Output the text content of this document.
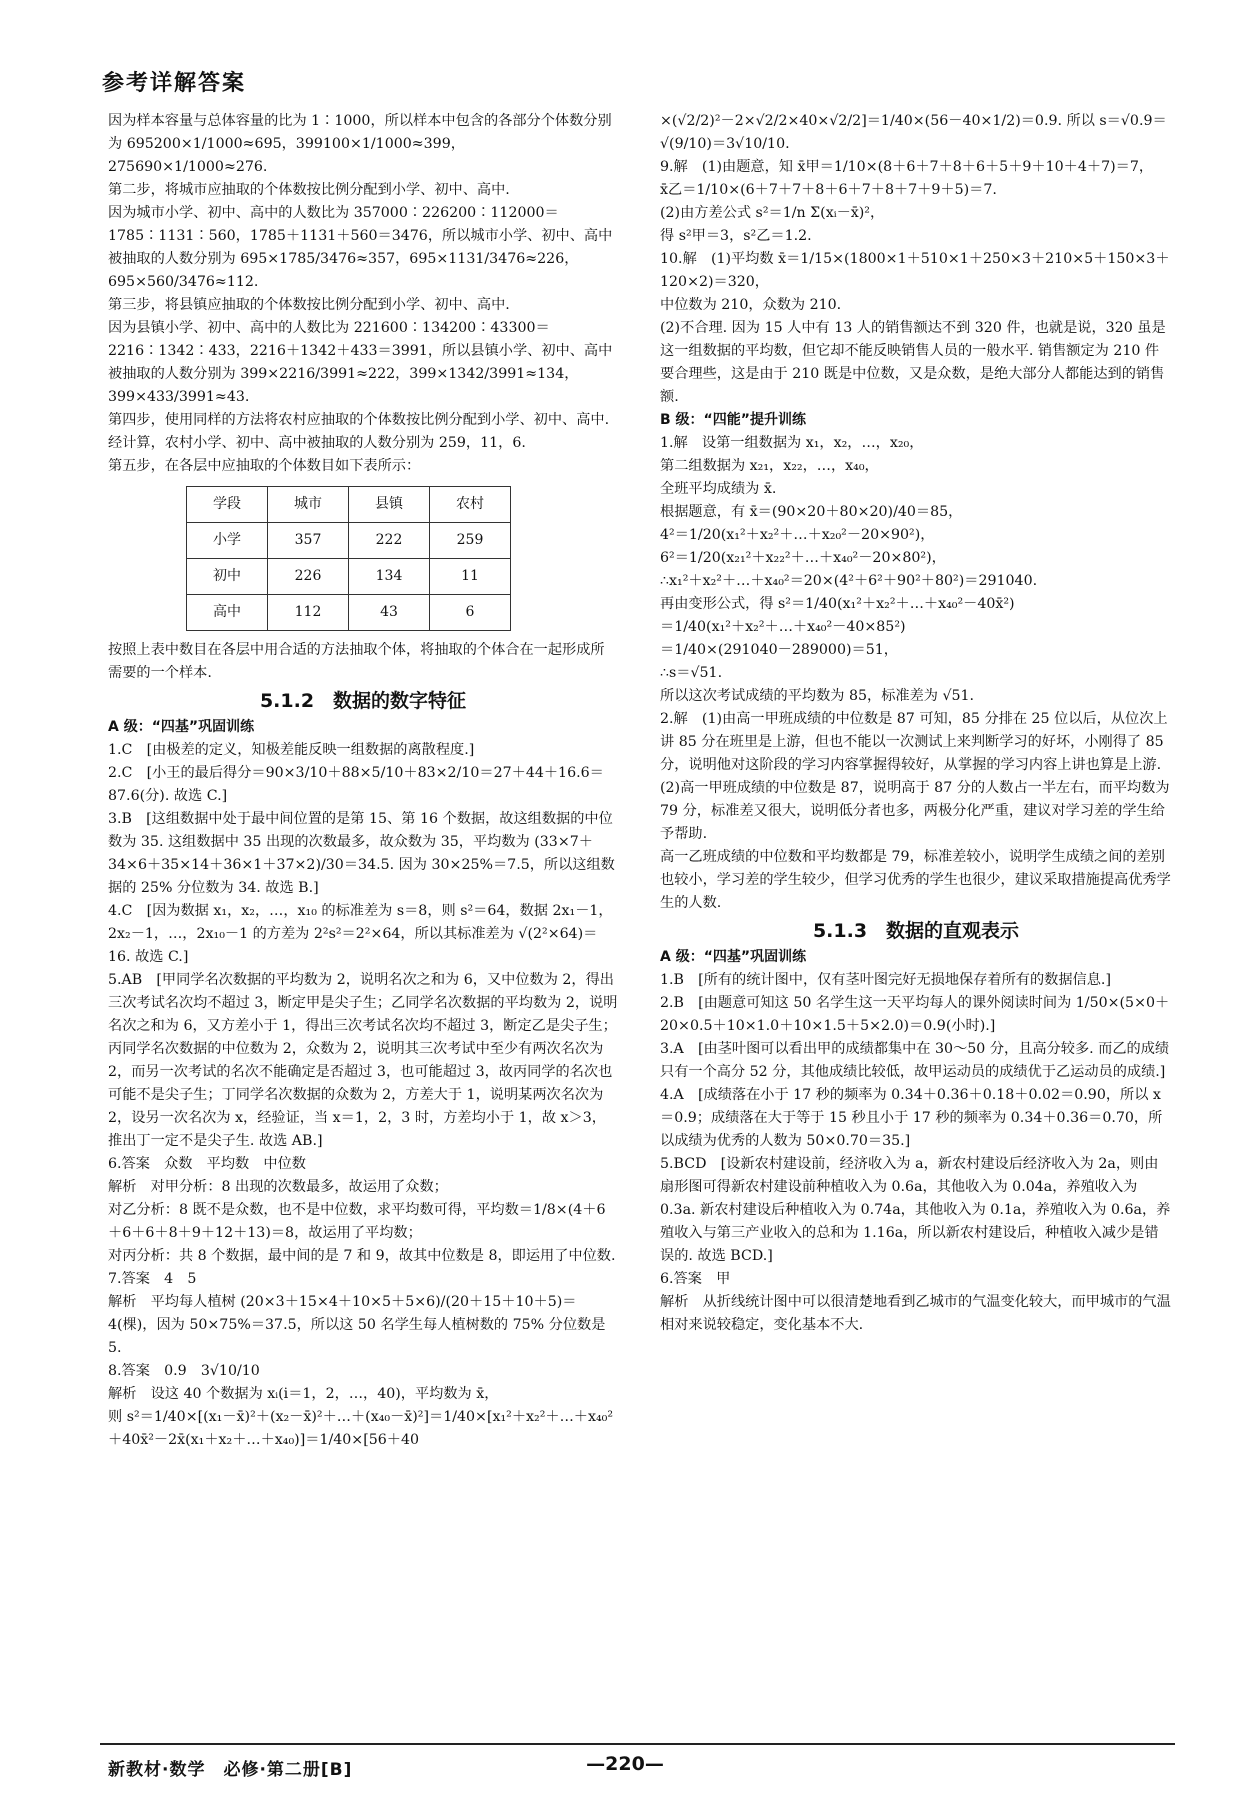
参考详解答案

因为样本容量与总体容量的比为 1∶1000，所以样本中包含的各部分个体数分别为 695200×1/1000≈695，399100×1/1000≈399，275690×1/1000≈276.

第二步，将城市应抽取的个体数按比例分配到小学、初中、高中.

因为城市小学、初中、高中的人数比为 357000∶226200∶112000＝1785∶1131∶560，1785＋1131＋560＝3476，所以城市小学、初中、高中被抽取的人数分别为 695×1785/3476≈357，695×1131/3476≈226，695×560/3476≈112.

第三步，将县镇应抽取的个体数按比例分配到小学、初中、高中.

因为县镇小学、初中、高中的人数比为 221600∶134200∶43300＝2216∶1342∶433，2216＋1342＋433＝3991，所以县镇小学、初中、高中被抽取的人数分别为 399×2216/3991≈222，399×1342/3991≈134，399×433/3991≈43.

第四步，使用同样的方法将农村应抽取的个体数按比例分配到小学、初中、高中. 经计算，农村小学、初中、高中被抽取的人数分别为 259，11，6.

第五步，在各层中应抽取的个体数目如下表所示：

学段	城市	县镇	农村
小学	357	222	259
初中	226	134	11
高中	112	43	6

按照上表中数目在各层中用合适的方法抽取个体，将抽取的个体合在一起形成所需要的一个样本.

5.1.2　数据的数字特征
A 级：“四基”巩固训练

1.C　[由极差的定义，知极差能反映一组数据的离散程度.]

2.C　[小王的最后得分＝90×3/10＋88×5/10＋83×2/10＝27＋44＋16.6＝87.6(分). 故选 C.]

3.B　[这组数据中处于最中间位置的是第 15、第 16 个数据，故这组数据的中位数为 35. 这组数据中 35 出现的次数最多，故众数为 35，平均数为 (33×7＋34×6＋35×14＋36×1＋37×2)/30＝34.5. 因为 30×25%＝7.5，所以这组数据的 25% 分位数为 34. 故选 B.]

4.C　[因为数据 x₁，x₂，…，x₁₀ 的标准差为 s＝8，则 s²＝64，数据 2x₁－1，2x₂－1，…，2x₁₀－1 的方差为 2²s²＝2²×64，所以其标准差为 √(2²×64)＝16. 故选 C.]

5.AB　[甲同学名次数据的平均数为 2，说明名次之和为 6，又中位数为 2，得出三次考试名次均不超过 3，断定甲是尖子生；乙同学名次数据的平均数为 2，说明名次之和为 6，又方差小于 1，得出三次考试名次均不超过 3，断定乙是尖子生；丙同学名次数据的中位数为 2，众数为 2，说明其三次考试中至少有两次名次为 2，而另一次考试的名次不能确定是否超过 3，也可能超过 3，故丙同学的名次也可能不是尖子生；丁同学名次数据的众数为 2，方差大于 1，说明某两次名次为 2，设另一次名次为 x，经验证，当 x＝1，2，3 时，方差均小于 1，故 x＞3，推出丁一定不是尖子生. 故选 AB.]

6.答案　众数　平均数　中位数

解析　对甲分析：8 出现的次数最多，故运用了众数；

对乙分析：8 既不是众数，也不是中位数，求平均数可得，平均数＝1/8×(4＋6＋6＋6＋8＋9＋12＋13)＝8，故运用了平均数；

对丙分析：共 8 个数据，最中间的是 7 和 9，故其中位数是 8，即运用了中位数.

7.答案　4　5

解析　平均每人植树 (20×3＋15×4＋10×5＋5×6)/(20＋15＋10＋5)＝4(棵)，因为 50×75%＝37.5，所以这 50 名学生每人植树数的 75% 分位数是 5.

8.答案　0.9　3√10/10

解析　设这 40 个数据为 xᵢ(i＝1，2，…，40)，平均数为 x̄，

则 s²＝1/40×[(x₁－x̄)²＋(x₂－x̄)²＋…＋(x₄₀－x̄)²]＝1/40×[x₁²＋x₂²＋…＋x₄₀²＋40x̄²－2x̄(x₁＋x₂＋…＋x₄₀)]＝1/40×[56＋40

×(√2/2)²－2×√2/2×40×√2/2]＝1/40×(56－40×1/2)＝0.9. 所以 s＝√0.9＝√(9/10)＝3√10/10.

9.解　(1)由题意，知 x̄甲＝1/10×(8＋6＋7＋8＋6＋5＋9＋10＋4＋7)＝7，

x̄乙＝1/10×(6＋7＋7＋8＋6＋7＋8＋7＋9＋5)＝7.

(2)由方差公式 s²＝1/n Σ(xᵢ－x̄)²，

得 s²甲＝3，s²乙＝1.2.

10.解　(1)平均数 x̄＝1/15×(1800×1＋510×1＋250×3＋210×5＋150×3＋120×2)＝320，

中位数为 210，众数为 210.

(2)不合理. 因为 15 人中有 13 人的销售额达不到 320 件，也就是说，320 虽是这一组数据的平均数，但它却不能反映销售人员的一般水平. 销售额定为 210 件要合理些，这是由于 210 既是中位数，又是众数，是绝大部分人都能达到的销售额.

B 级：“四能”提升训练

1.解　设第一组数据为 x₁，x₂，…，x₂₀，

第二组数据为 x₂₁，x₂₂，…，x₄₀，

全班平均成绩为 x̄.

根据题意，有 x̄＝(90×20＋80×20)/40＝85，

4²＝1/20(x₁²＋x₂²＋…＋x₂₀²－20×90²)，

6²＝1/20(x₂₁²＋x₂₂²＋…＋x₄₀²－20×80²)，

∴x₁²＋x₂²＋…＋x₄₀²＝20×(4²＋6²＋90²＋80²)＝291040.

再由变形公式，得 s²＝1/40(x₁²＋x₂²＋…＋x₄₀²－40x̄²)

＝1/40(x₁²＋x₂²＋…＋x₄₀²－40×85²)

＝1/40×(291040－289000)＝51，

∴s＝√51.

所以这次考试成绩的平均数为 85，标准差为 √51.

2.解　(1)由高一甲班成绩的中位数是 87 可知，85 分排在 25 位以后，从位次上讲 85 分在班里是上游，但也不能以一次测试上来判断学习的好坏，小刚得了 85 分，说明他对这阶段的学习内容掌握得较好，从掌握的学习内容上讲也算是上游.

(2)高一甲班成绩的中位数是 87，说明高于 87 分的人数占一半左右，而平均数为 79 分，标准差又很大，说明低分者也多，两极分化严重，建议对学习差的学生给予帮助.

高一乙班成绩的中位数和平均数都是 79，标准差较小，说明学生成绩之间的差别也较小，学习差的学生较少，但学习优秀的学生也很少，建议采取措施提高优秀学生的人数.

5.1.3　数据的直观表示
A 级：“四基”巩固训练

1.B　[所有的统计图中，仅有茎叶图完好无损地保存着所有的数据信息.]

2.B　[由题意可知这 50 名学生这一天平均每人的课外阅读时间为 1/50×(5×0＋20×0.5＋10×1.0＋10×1.5＋5×2.0)＝0.9(小时).]

3.A　[由茎叶图可以看出甲的成绩都集中在 30～50 分，且高分较多. 而乙的成绩只有一个高分 52 分，其他成绩比较低，故甲运动员的成绩优于乙运动员的成绩.]

4.A　[成绩落在小于 17 秒的频率为 0.34＋0.36＋0.18＋0.02＝0.90，所以 x＝0.9；成绩落在大于等于 15 秒且小于 17 秒的频率为 0.34＋0.36＝0.70，所以成绩为优秀的人数为 50×0.70＝35.]

5.BCD　[设新农村建设前，经济收入为 a，新农村建设后经济收入为 2a，则由扇形图可得新农村建设前种植收入为 0.6a，其他收入为 0.04a，养殖收入为 0.3a. 新农村建设后种植收入为 0.74a，其他收入为 0.1a，养殖收入为 0.6a，养殖收入与第三产业收入的总和为 1.16a，所以新农村建设后，种植收入减少是错误的. 故选 BCD.]

6.答案　甲

解析　从折线统计图中可以很清楚地看到乙城市的气温变化较大，而甲城市的气温相对来说较稳定，变化基本不大.

新教材·数学　必修·第二册[B]	—220—
